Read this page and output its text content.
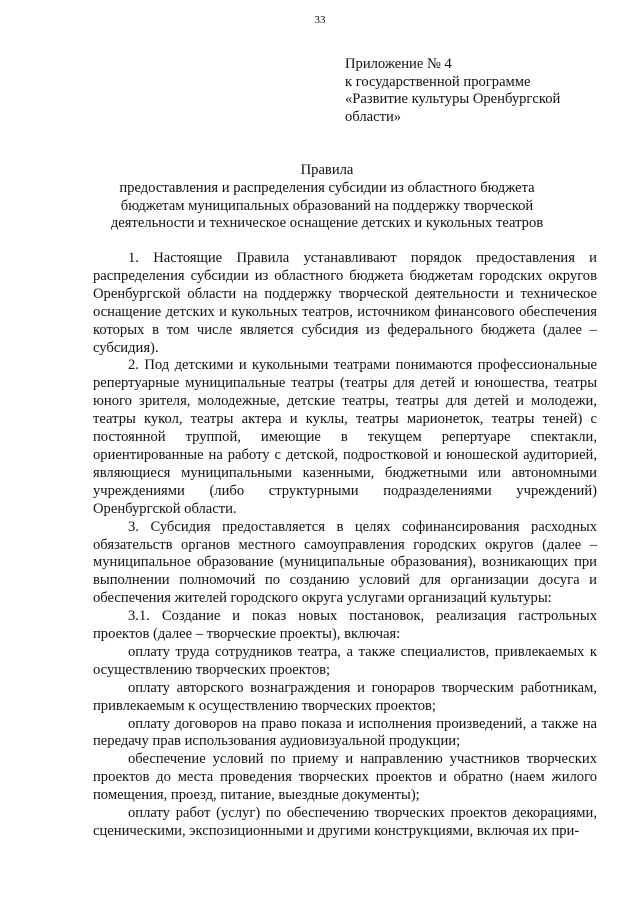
33
Приложение № 4
к государственной программе
«Развитие культуры Оренбургской
области»
Правила
предоставления и распределения субсидии из областного бюджета
бюджетам муниципальных образований на поддержку творческой
деятельности и техническое оснащение детских и кукольных театров

1. Настоящие Правила устанавливают порядок предоставления и распределения субсидии из областного бюджета бюджетам городских округов Оренбургской области на поддержку творческой деятельности и техническое оснащение детских и кукольных театров, источником финансового обеспечения которых в том числе является субсидия из федерального бюджета (далее – субсидия).

2. Под детскими и кукольными театрами понимаются профессиональные репертуарные муниципальные театры (театры для детей и юношества, театры юного зрителя, молодежные, детские театры, театры для детей и молодежи, театры кукол, театры актера и куклы, театры марионеток, театры теней) с постоянной труппой, имеющие в текущем репертуаре спектакли, ориентированные на работу с детской, подростковой и юношеской аудиторией, являющиеся муниципальными казенными, бюджетными или автономными учреждениями (либо структурными подразделениями учреждений) Оренбургской области.

3. Субсидия предоставляется в целях софинансирования расходных обязательств органов местного самоуправления городских округов (далее – муниципальное образование (муниципальные образования), возникающих при выполнении полномочий по созданию условий для организации досуга и обеспечения жителей городского округа услугами организаций культуры:

3.1. Создание и показ новых постановок, реализация гастрольных проектов (далее – творческие проекты), включая:

оплату труда сотрудников театра, а также специалистов, привлекаемых к осуществлению творческих проектов;

оплату авторского вознаграждения и гонораров творческим работникам, привлекаемым к осуществлению творческих проектов;

оплату договоров на право показа и исполнения произведений, а также на передачу прав использования аудиовизуальной продукции;

обеспечение условий по приему и направлению участников творческих проектов до места проведения творческих проектов и обратно (наем жилого помещения, проезд, питание, выездные документы);

оплату работ (услуг) по обеспечению творческих проектов декорациями, сценическими, экспозиционными и другими конструкциями, включая их при-
